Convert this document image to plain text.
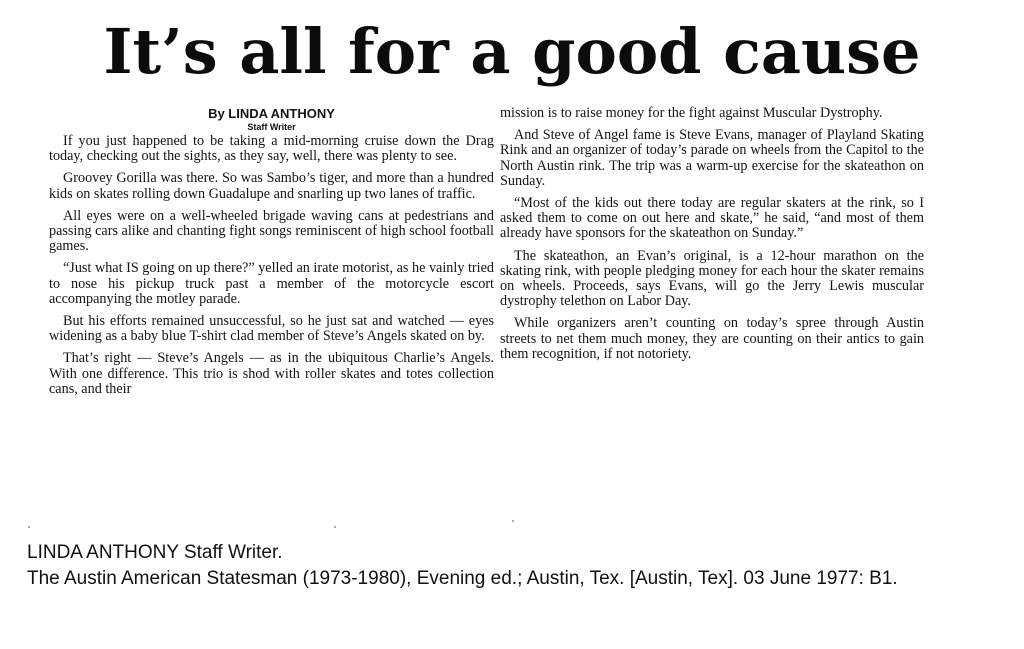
It’s all for a good cause

By LINDA ANTHONY

Staff Writer

If you just happened to be taking a mid-morning cruise down the Drag today, checking out the sights, as they say, well, there was plenty to see.

Groovey Gorilla was there. So was Sambo’s tiger, and more than a hundred kids on skates rolling down Guadalupe and snarling up two lanes of traffic.

All eyes were on a well-wheeled brigade waving cans at pedestrians and passing cars alike and chanting fight songs reminiscent of high school football games.

“Just what IS going on up there?” yelled an irate motorist, as he vainly tried to nose his pickup truck past a member of the motorcycle escort accompanying the motley parade.

But his efforts remained unsuccessful, so he just sat and watched — eyes widening as a baby blue T-shirt clad member of Steve’s Angels skated on by.

That’s right — Steve’s Angels — as in the ubiquitous Charlie’s Angels. With one difference. This trio is shod with roller skates and totes collection cans, and their

mission is to raise money for the fight against Muscular Dystrophy.

And Steve of Angel fame is Steve Evans, manager of Playland Skating Rink and an organizer of today’s parade on wheels from the Capitol to the North Austin rink. The trip was a warm-up exercise for the skateathon on Sunday.

“Most of the kids out there today are regular skaters at the rink, so I asked them to come on out here and skate,” he said, “and most of them already have sponsors for the skateathon on Sunday.”

The skateathon, an Evan’s original, is a 12-hour marathon on the skating rink, with people pledging money for each hour the skater remains on wheels. Proceeds, says Evans, will go the Jerry Lewis muscular dystrophy telethon on Labor Day.

While organizers aren’t counting on today’s spree through Austin streets to net them much money, they are counting on their antics to gain them recognition, if not notoriety.

LINDA ANTHONY Staff Writer.

The Austin American Statesman (1973-1980), Evening ed.; Austin, Tex. [Austin, Tex]. 03 June 1977: B1.
